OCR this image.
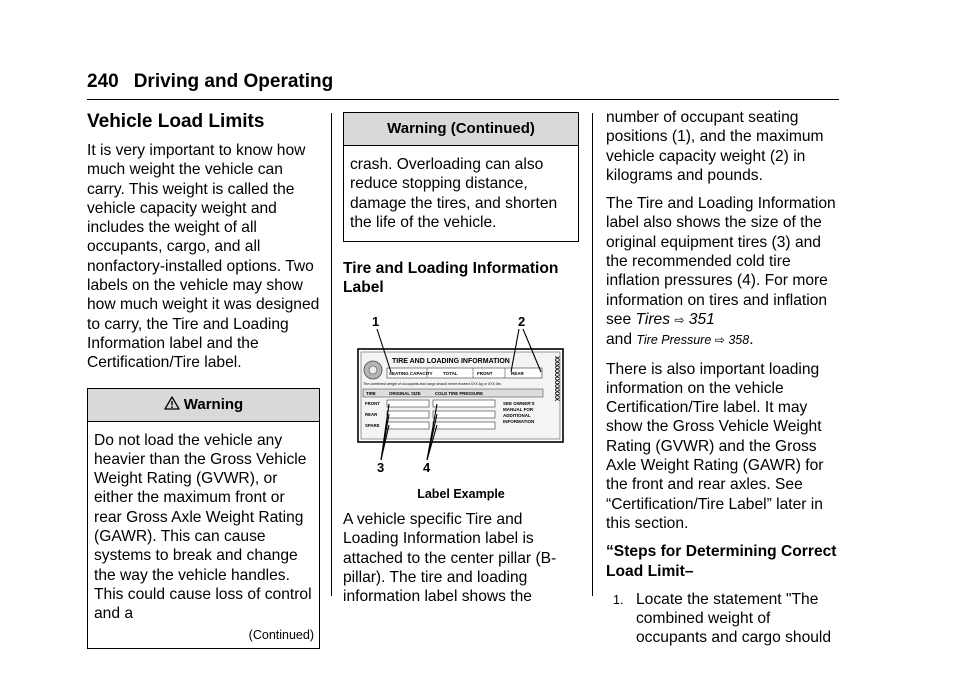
240 Driving and Operating
Vehicle Load Limits

It is very important to know how much weight the vehicle can carry. This weight is called the vehicle capacity weight and includes the weight of all occupants, cargo, and all nonfactory-installed options. Two labels on the vehicle may show how much weight it was designed to carry, the Tire and Loading Information label and the Certification/Tire label.

Warning

Do not load the vehicle any heavier than the Gross Vehicle Weight Rating (GVWR), or either the maximum front or rear Gross Axle Weight Rating (GAWR). This can cause systems to break and change the way the vehicle handles. This could cause loss of control and a

(Continued)
Warning (Continued)

crash. Overloading can also reduce stopping distance, damage the tires, and shorten the life of the vehicle.

Tire and Loading Information Label
1	2
3	4
TIRE AND LOADING INFORMATION
SEATING CAPACITY TOTAL	FRONT	REAR
The combined weight of occupants and cargo should never exceed XXX kg or XXX lbs
TIRE	ORIGINAL SIZE	COLD TIRE PRESSURE
FRONT
REAR
SPARE
SEE OWNER'S
MANUAL FOR
ADDITIONAL
INFORMATION
XXXXXXXXXXXX
Label Example

A vehicle specific Tire and Loading Information label is attached to the center pillar (B-pillar). The tire and loading information label shows the

number of occupant seating positions (1), and the maximum vehicle capacity weight (2) in kilograms and pounds.

The Tire and Loading Information label also shows the size of the original equipment tires (3) and the recommended cold tire inflation pressures (4). For more information on tires and inflation see Tires ⇨ 351
and Tire Pressure ⇨ 358.

There is also important loading information on the vehicle Certification/Tire label. It may show the Gross Vehicle Weight Rating (GVWR) and the Gross Axle Weight Rating (GAWR) for the front and rear axles. See “Certification/Tire Label” later in this section.

“Steps for Determining Correct Load Limit–
1. Locate the statement "The combined weight of occupants and cargo should
